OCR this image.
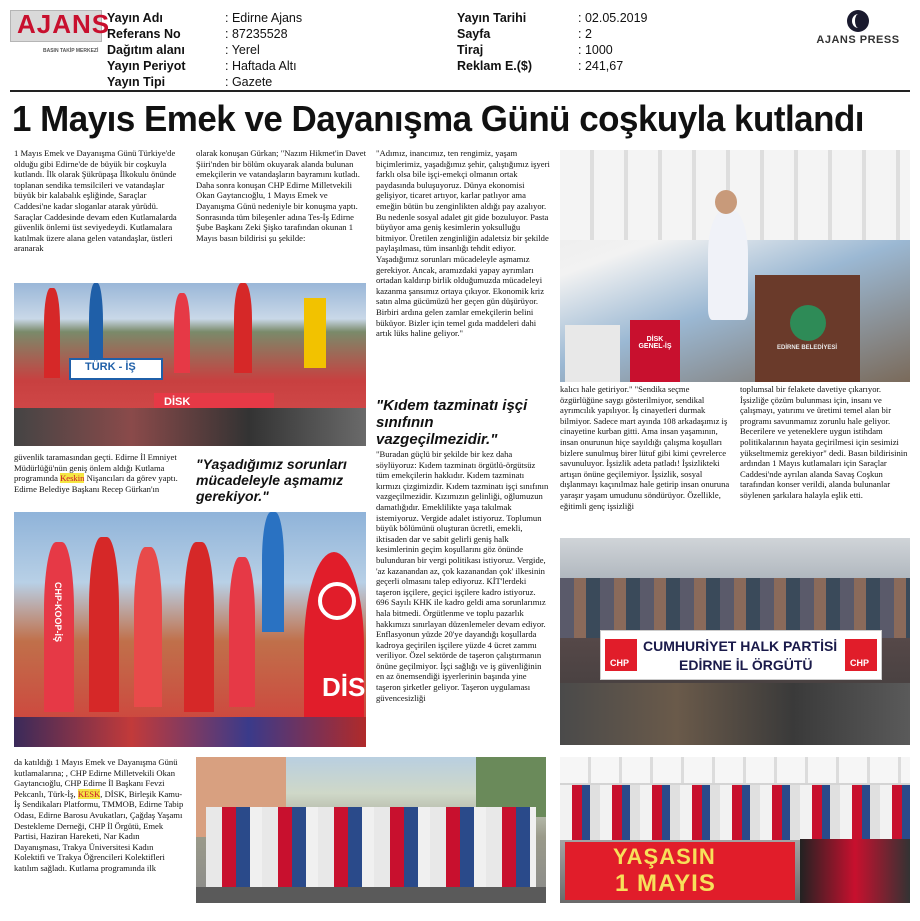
AJANS
BASIN TAKİP MERKEZİ
Yayın Adı
Referans No
Dağıtım alanı
Yayın Periyot
Yayın Tipi
: Edirne Ajans
: 87235528
: Yerel
: Haftada Altı
: Gazete
Yayın Tarihi
Sayfa
Tiraj
Reklam E.($)
: 02.05.2019
: 2
: 1000
: 241,67
AJANS PRESS
1 Mayıs Emek ve Dayanışma Günü coşkuyla kutlandı

1 Mayıs Emek ve Dayanışma Günü Türkiye'de olduğu gibi Edirne'de de büyük bir coşkuyla kutlandı. İlk olarak Şükrüpaşa İlkokulu önünde toplanan sendika temsilcileri ve vatandaşlar büyük bir kalabalık eşliğinde, Saraçlar Caddesi'ne kadar sloganlar atarak yürüdü. Saraçlar Caddesinde devam eden Kutlamalarda güvenlik önlemi üst seviyedeydi. Kutlamalara katılmak üzere alana gelen vatandaşlar, üstleri aranarak

olarak konuşan Gürkan; "Nazım Hikmet'in Davet Şiiri'nden bir bölüm okuyarak alanda bulunan emekçilerin ve vatandaşların bayramını kutladı. Daha sonra konuşan CHP Edirne Milletvekili Okan Gaytancıoğlu, 1 Mayıs Emek ve Dayanışma Günü nedeniyle bir konuşma yaptı. Sonrasında tüm bileşenler adına Tes-İş Edirne Şube Başkanı Zeki Şişko tarafından okunan 1 Mayıs basın bildirisi şu şekilde:

TÜRK - İŞ
DİSK

güvenlik taramasından geçti. Edirne İl Emniyet Müdürlüğü'nün geniş önlem aldığı Kutlama programında Keskin Nişancıları da görev yaptı. Edirne Belediye Başkanı Recep Gürkan'ın

"Yaşadığımız sorunları mücadeleyle aşmamız gerekiyor."
CHP-KOOP-İŞ
DİSK

"Adımız, inancımız, ten rengimiz, yaşam biçimlerimiz, yaşadığımız şehir, çalıştığımız işyeri farklı olsa bile işçi-emekçi olmanın ortak paydasında buluşuyoruz. Dünya ekonomisi gelişiyor, ticaret artıyor, karlar patlıyor ama emeğin bütün bu zenginlikten aldığı pay azalıyor. Bu nedenle sosyal adalet git gide bozuluyor. Pasta büyüyor ama geniş kesimlerin yoksulluğu bitmiyor. Üretilen zenginliğin adaletsiz bir şekilde paylaşılması, tüm insanlığı tehdit ediyor. Yaşadığımız sorunları mücadeleyle aşmamız gerekiyor. Ancak, aramızdaki yapay ayrımları ortadan kaldırıp birlik olduğumuzda mücadeleyi kazanma şansımız ortaya çıkıyor. Ekonomik kriz satın alma gücümüzü her geçen gün düşürüyor. Birbiri ardına gelen zamlar emekçilerin belini büküyor. Bizler için temel gıda maddeleri dahi artık lüks haline geliyor."

"Kıdem tazminatı işçi sınıfının vazgeçilmezidir."

"Buradan güçlü bir şekilde bir kez daha söylüyoruz: Kıdem tazminatı örgütlü-örgütsüz tüm emekçilerin hakkıdır. Kıdem tazminatı kırmızı çizgimizdir. Kıdem tazminatı işçi sınıfının vazgeçilmezidir. Kızımızın gelinliği, oğlumuzun damatlığıdır. Emeklilikte yaşa takılmak istemiyoruz. Vergide adalet istiyoruz. Toplumun büyük bölümünü oluşturan ücretli, emekli, iktisaden dar ve sabit gelirli geniş halk kesimlerinin geçim koşullarını göz önünde bulunduran bir vergi politikası istiyoruz. Vergide, 'az kazanandan az, çok kazanandan çok' ilkesinin geçerli olmasını talep ediyoruz. KİT'lerdeki taşeron işçilere, geçici işçilere kadro istiyoruz. 696 Sayılı KHK ile kadro geldi ama sorunlarımız hala bitmedi. Örgütlenme ve toplu pazarlık hakkımızı sınırlayan düzenlemeler devam ediyor. Enflasyonun yüzde 20'ye dayandığı koşullarda kadroya geçirilen işçilere yüzde 4 ücret zammı veriliyor. Özel sektörde de taşeron çalıştırmanın önüne geçilmiyor. İşçi sağlığı ve iş güvenliğinin en az önemsendiği işyerlerinin başında yine taşeron şirketler geliyor. Taşeron uygulaması güvencesizliği

EDİRNE BELEDİYESİ
DİSK GENEL-İŞ

kalıcı hale getiriyor." "Sendika seçme özgürlüğüne saygı gösterilmiyor, sendikal ayrımcılık yapılıyor. İş cinayetleri durmak bilmiyor. Sadece mart ayında 108 arkadaşımız iş cinayetine kurban gitti. Ama insan yaşamının, insan onurunun hiçe sayıldığı çalışma koşulları bizlere sunulmuş birer lütuf gibi kimi çevrelerce savunuluyor. İşsizlik adeta patladı! İşsizlikteki artışın önüne geçilemiyor. İşsizlik, sosyal dışlanmayı kaçınılmaz hale getirip insan onuruna yaraşır yaşam umudunu söndürüyor. Özellikle, eğitimli genç işsizliği

toplumsal bir felakete davetiye çıkarıyor. İşsizliğe çözüm bulunması için, insanı ve çalışmayı, yatırımı ve üretimi temel alan bir programı savunmamız zorunlu hale geliyor. Becerilere ve yeteneklere uygun istihdam politikalarının hayata geçirilmesi için sesimizi yükseltmemiz gerekiyor" dedi. Basın bildirisinin ardından 1 Mayıs kutlamaları için Saraçlar Caddesi'nde ayrılan alanda Savaş Coşkun tarafından konser verildi, alanda bulunanlar söylenen şarkılara halayla eşlik etti.

CHP	CHP
CUMHURİYET HALK PARTİSİ
EDİRNE İL ÖRGÜTÜ

da katıldığı 1 Mayıs Emek ve Dayanışma Günü kutlamalarına; , CHP Edirne Milletvekili Okan Gaytancıoğlu, CHP Edirne İl Başkanı Fevzi Pekcanlı, Türk-İş, KESK, DİSK, Birleşik Kamu-İş Sendikaları Platformu, TMMOB, Edirne Tabip Odası, Edirne Barosu Avukatları, Çağdaş Yaşamı Destekleme Derneği, CHP İl Örgütü, Emek Partisi, Haziran Hareketi, Nar Kadın Dayanışması, Trakya Üniversitesi Kadın Kolektifi ve Trakya Öğrencileri Kolektifleri katılım sağladı. Kutlama programında ilk	YAŞASIN
1 MAYIS
